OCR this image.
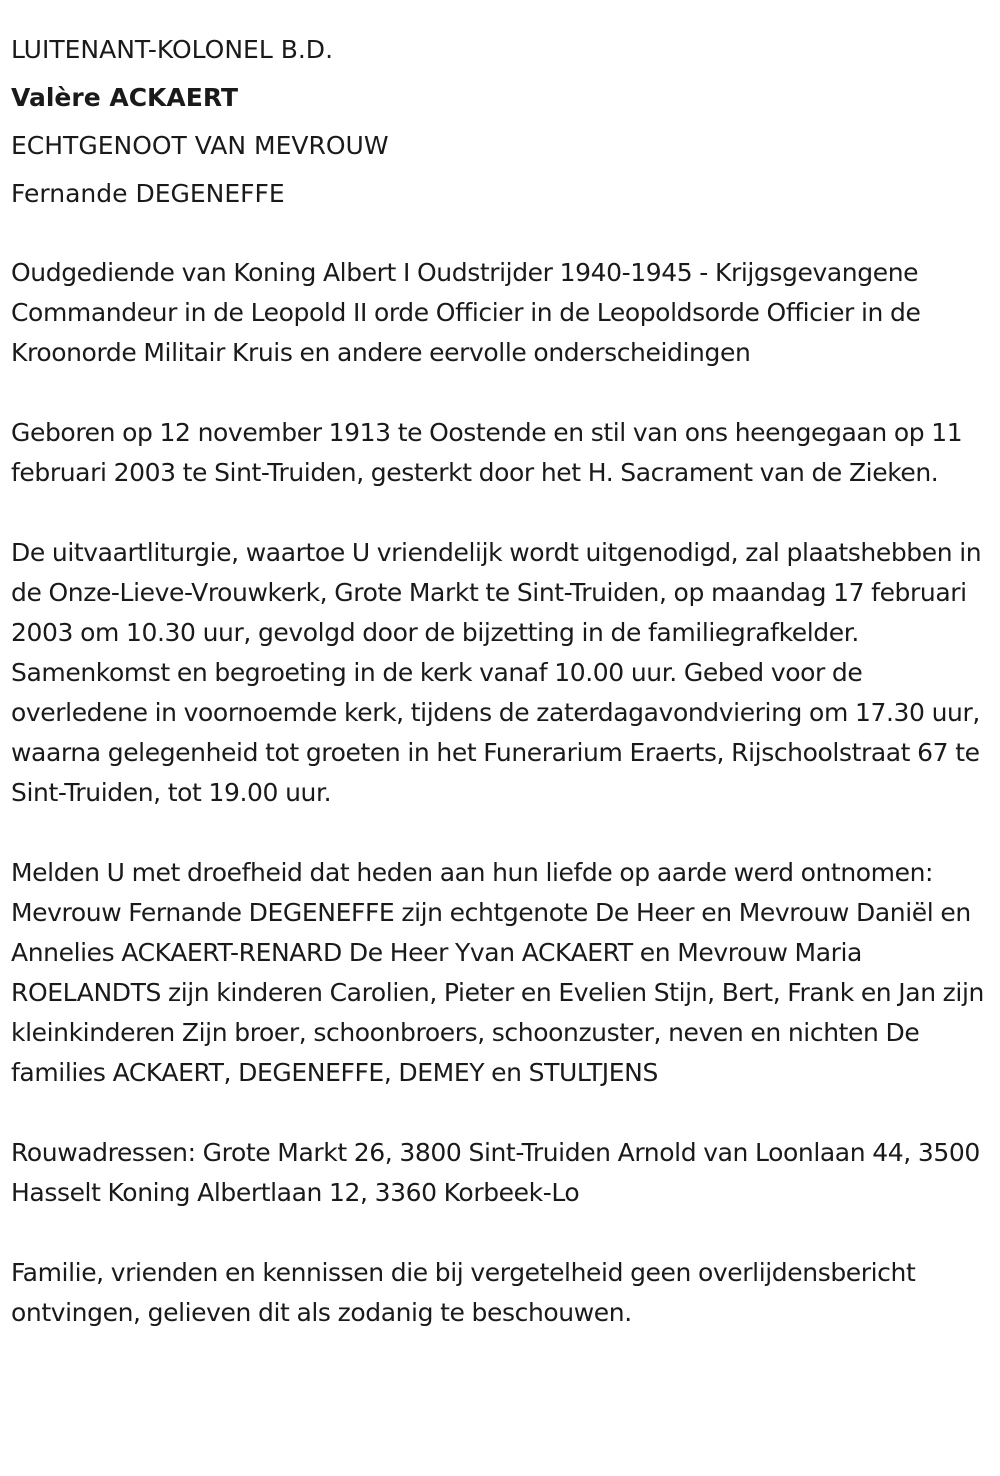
LUITENANT-KOLONEL B.D.

Valère ACKAERT

ECHTGENOOT VAN MEVROUW

Fernande DEGENEFFE

Oudgediende van Koning Albert I Oudstrijder 1940-1945 - Krijgsgevangene Commandeur in de Leopold II orde Officier in de Leopoldsorde Officier in de Kroonorde Militair Kruis en andere eervolle onderscheidingen

Geboren op 12 november 1913 te Oostende en stil van ons heengegaan op 11 februari 2003 te Sint-Truiden, gesterkt door het H. Sacrament van de Zieken.

De uitvaartliturgie, waartoe U vriendelijk wordt uitgenodigd, zal plaatshebben in de Onze-Lieve-Vrouwkerk, Grote Markt te Sint-Truiden, op maandag 17 februari 2003 om 10.30 uur, gevolgd door de bijzetting in de familiegrafkelder. Samenkomst en begroeting in de kerk vanaf 10.00 uur. Gebed voor de overledene in voornoemde kerk, tijdens de zaterdagavondviering om 17.30 uur, waarna gelegenheid tot groeten in het Funerarium Eraerts, Rijschoolstraat 67 te Sint-Truiden, tot 19.00 uur.

Melden U met droefheid dat heden aan hun liefde op aarde werd ontnomen: Mevrouw Fernande DEGENEFFE zijn echtgenote De Heer en Mevrouw Daniël en Annelies ACKAERT-RENARD De Heer Yvan ACKAERT en Mevrouw Maria ROELANDTS zijn kinderen Carolien, Pieter en Evelien Stijn, Bert, Frank en Jan zijn kleinkinderen Zijn broer, schoonbroers, schoonzuster, neven en nichten De families ACKAERT, DEGENEFFE, DEMEY en STULTJENS

Rouwadressen: Grote Markt 26, 3800 Sint-Truiden Arnold van Loonlaan 44, 3500 Hasselt Koning Albertlaan 12, 3360 Korbeek-Lo

Familie, vrienden en kennissen die bij vergetelheid geen overlijdensbericht ontvingen, gelieven dit als zodanig te beschouwen.
